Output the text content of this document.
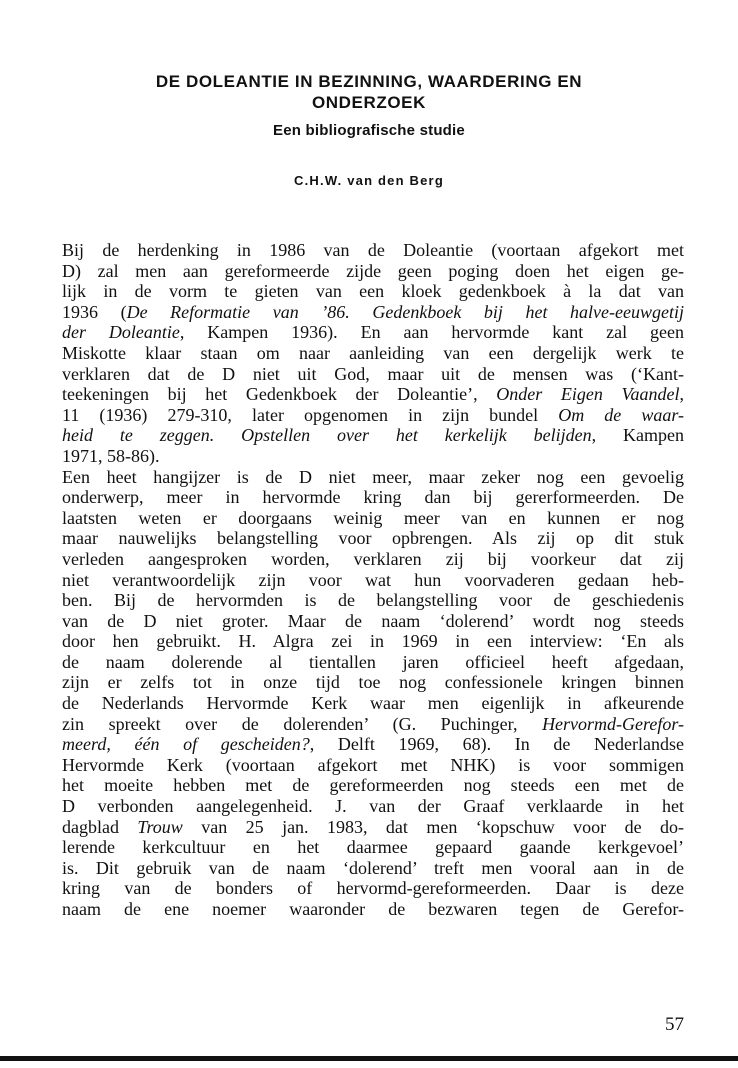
DE DOLEANTIE IN BEZINNING, WAARDERING EN
ONDERZOEK
Een bibliografische studie
C.H.W. van den Berg
Bij de herdenking in 1986 van de Doleantie (voortaan afgekort met
D) zal men aan gereformeerde zijde geen poging doen het eigen ge-
lijk in de vorm te gieten van een kloek gedenkboek à la dat van
1936 (De Reformatie van ’86. Gedenkboek bij het halve-eeuwgetij
der Doleantie, Kampen 1936). En aan hervormde kant zal geen
Miskotte klaar staan om naar aanleiding van een dergelijk werk te
verklaren dat de D niet uit God, maar uit de mensen was (‘Kant-
teekeningen bij het Gedenkboek der Doleantie’, Onder Eigen Vaandel,
11 (1936) 279-310, later opgenomen in zijn bundel Om de waar-
heid te zeggen. Opstellen over het kerkelijk belijden, Kampen
1971, 58-86).
Een heet hangijzer is de D niet meer, maar zeker nog een gevoelig
onderwerp, meer in hervormde kring dan bij gererformeerden. De
laatsten weten er doorgaans weinig meer van en kunnen er nog
maar nauwelijks belangstelling voor opbrengen. Als zij op dit stuk
verleden aangesproken worden, verklaren zij bij voorkeur dat zij
niet verantwoordelijk zijn voor wat hun voorvaderen gedaan heb-
ben. Bij de hervormden is de belangstelling voor de geschiedenis
van de D niet groter. Maar de naam ‘dolerend’ wordt nog steeds
door hen gebruikt. H. Algra zei in 1969 in een interview: ‘En als
de naam dolerende al tientallen jaren officieel heeft afgedaan,
zijn er zelfs tot in onze tijd toe nog confessionele kringen binnen
de Nederlands Hervormde Kerk waar men eigenlijk in afkeurende
zin spreekt over de dolerenden’ (G. Puchinger, Hervormd-Gerefor-
meerd, één of gescheiden?, Delft 1969, 68). In de Nederlandse
Hervormde Kerk (voortaan afgekort met NHK) is voor sommigen
het moeite hebben met de gereformeerden nog steeds een met de
D verbonden aangelegenheid. J. van der Graaf verklaarde in het
dagblad Trouw van 25 jan. 1983, dat men ‘kopschuw voor de do-
lerende kerkcultuur en het daarmee gepaard gaande kerkgevoel’
is. Dit gebruik van de naam ‘dolerend’ treft men vooral aan in de
kring van de bonders of hervormd-gereformeerden. Daar is deze
naam de ene noemer waaronder de bezwaren tegen de Gerefor-
57
